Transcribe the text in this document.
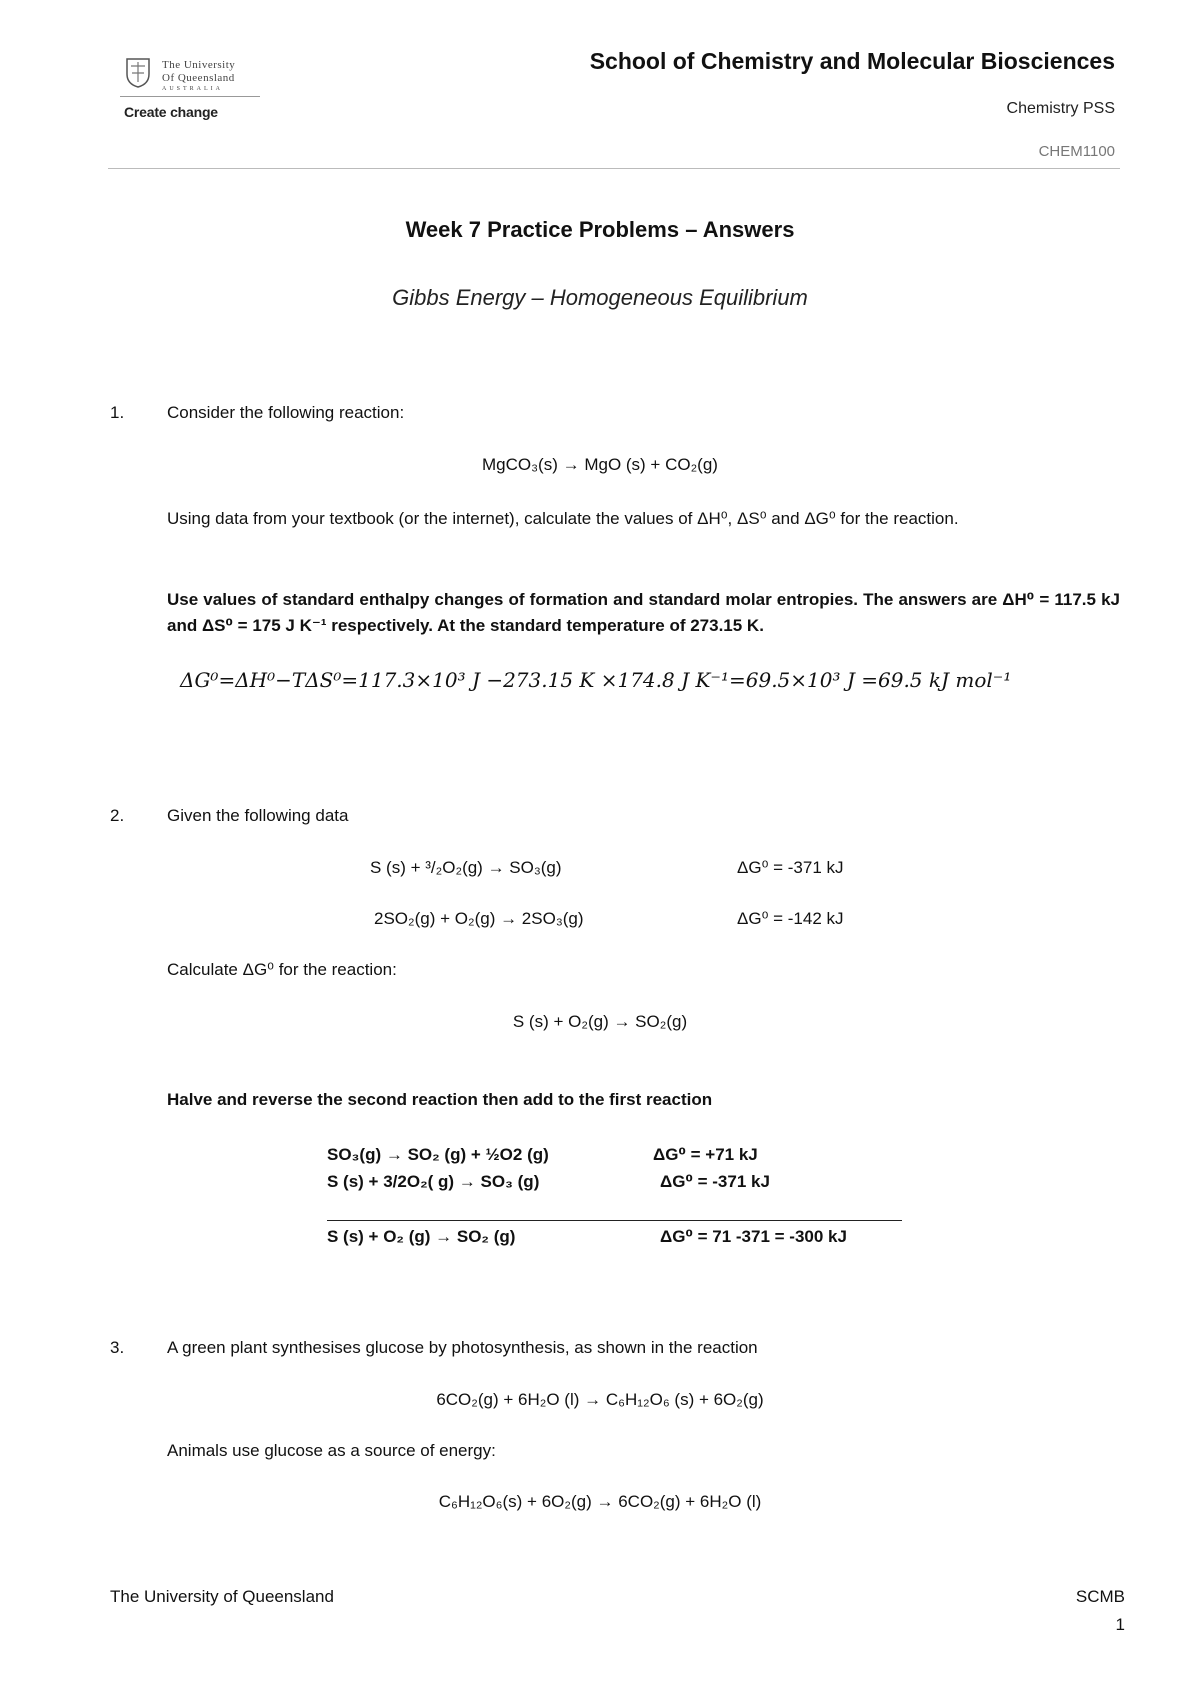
The University
Of Queensland
AUSTRALIA
Create change
School of Chemistry and Molecular Biosciences
Chemistry PSS
CHEM1100
Week 7 Practice Problems – Answers
Gibbs Energy – Homogeneous Equilibrium
1.	Consider the following reaction:
MgCO₃(s) → MgO (s) + CO₂(g)
Using data from your textbook (or the internet), calculate the values of ΔH⁰, ΔS⁰ and ΔG⁰ for the reaction.
Use values of standard enthalpy changes of formation and standard molar entropies. The answers are ΔH⁰ = 117.5 kJ and ΔS⁰ = 175 J K⁻¹ respectively. At the standard temperature of 273.15 K.
ΔG⁰=ΔH⁰−TΔS⁰=117.3×10³ J −273.15 K ×174.8 J K⁻¹=69.5×10³ J =69.5 kJ mol⁻¹
2.	Given the following data
S (s) + ³/₂O₂(g) → SO₃(g)	ΔG⁰ = -371 kJ
2SO₂(g) + O₂(g) → 2SO₃(g)	ΔG⁰ = -142 kJ
Calculate ΔG⁰ for the reaction:
S (s) + O₂(g) → SO₂(g)
Halve and reverse the second reaction then add to the first reaction
SO₃(g) → SO₂ (g) + ½O2 (g)	ΔG⁰ = +71 kJ
S (s) + 3/2O₂( g) → SO₃ (g)	ΔG⁰ = -371 kJ
S (s) + O₂ (g) → SO₂ (g)	ΔG⁰ = 71 -371 = -300 kJ
3.	A green plant synthesises glucose by photosynthesis, as shown in the reaction
6CO₂(g) + 6H₂O (l) → C₆H₁₂O₆ (s) + 6O₂(g)
Animals use glucose as a source of energy:
C₆H₁₂O₆(s) + 6O₂(g) → 6CO₂(g) + 6H₂O (l)
The University of Queensland	SCMB
1
